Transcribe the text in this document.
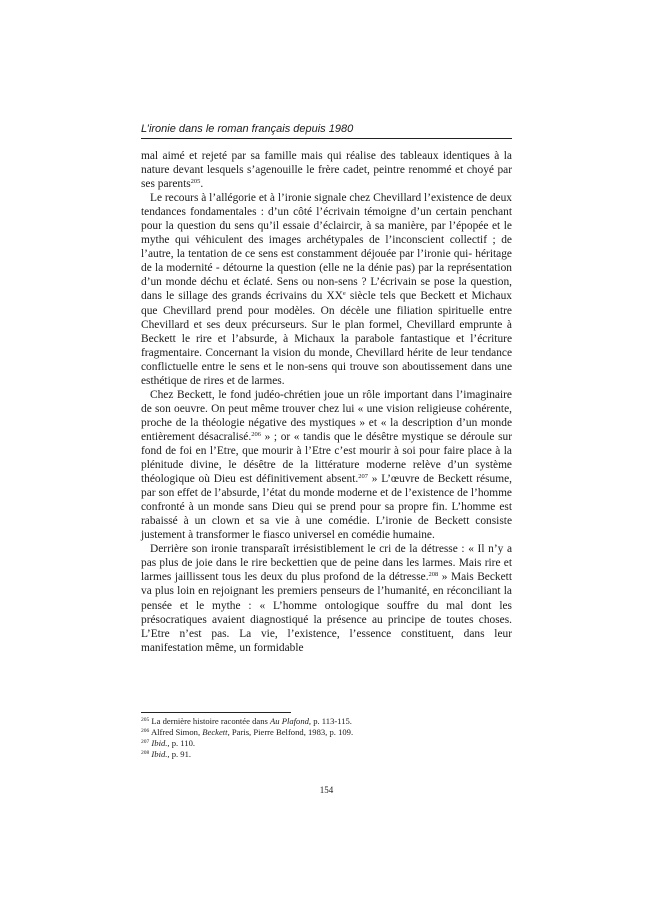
L’ironie dans le roman français depuis 1980

mal aimé et rejeté par sa famille mais qui réalise des tableaux identiques à la nature devant lesquels s’agenouille le frère cadet, peintre renommé et choyé par ses parents$^{205}$.

Le recours à l’allégorie et à l’ironie signale chez Chevillard l’existence de deux tendances fondamentales : d’un côté l’écrivain témoigne d’un certain penchant pour la question du sens qu’il essaie d’éclaircir, à sa manière, par l’épopée et le mythe qui véhiculent des images archétypales de l’inconscient collectif ; de l’autre, la tentation de ce sens est constamment déjouée par l’ironie qui- héritage de la modernité - détourne la question (elle ne la dénie pas) par la représentation d’un monde déchu et éclaté. Sens ou non-sens ? L’écrivain se pose la question, dans le sillage des grands écrivains du XXe siècle tels que Beckett et Michaux que Chevillard prend pour modèles. On décèle une filiation spirituelle entre Chevillard et ses deux précurseurs. Sur le plan formel, Chevillard emprunte à Beckett le rire et l’absurde, à Michaux la parabole fantastique et l’écriture fragmentaire. Concernant la vision du monde, Chevillard hérite de leur tendance conflictuelle entre le sens et le non-sens qui trouve son aboutissement dans une esthétique de rires et de larmes.

Chez Beckett, le fond judéo-chrétien joue un rôle important dans l’imaginaire de son oeuvre. On peut même trouver chez lui « une vision religieuse cohérente, proche de la théologie négative des mystiques » et « la description d’un monde entièrement désacralisé.$^{206}$ » ; or « tandis que le désêtre mystique se déroule sur fond de foi en l’Etre, que mourir à l’Etre c’est mourir à soi pour faire place à la plénitude divine, le désêtre de la littérature moderne relève d’un système théologique où Dieu est définitivement absent.$^{207}$ » L’œuvre de Beckett résume, par son effet de l’absurde, l’état du monde moderne et de l’existence de l’homme confronté à un monde sans Dieu qui se prend pour sa propre fin. L’homme est rabaissé à un clown et sa vie à une comédie. L’ironie de Beckett consiste justement à transformer le fiasco universel en comédie humaine.

Derrière son ironie transparaît irrésistiblement le cri de la détresse : « Il n’y a pas plus de joie dans le rire beckettien que de peine dans les larmes. Mais rire et larmes jaillissent tous les deux du plus profond de la détresse.$^{208}$ » Mais Beckett va plus loin en rejoignant les premiers penseurs de l’humanité, en réconciliant la pensée et le mythe : « L’homme ontologique souffre du mal dont les présocratiques avaient diagnostiqué la présence au principe de toutes choses. L’Etre n’est pas. La vie, l’existence, l’essence constituent, dans leur manifestation même, un formidable

$^{205}$ La dernière histoire racontée dans Au Plafond, p. 113-115.
$^{206}$ Alfred Simon, Beckett, Paris, Pierre Belfond, 1983, p. 109.
$^{207}$ Ibid., p. 110.
$^{208}$ Ibid., p. 91.
154
